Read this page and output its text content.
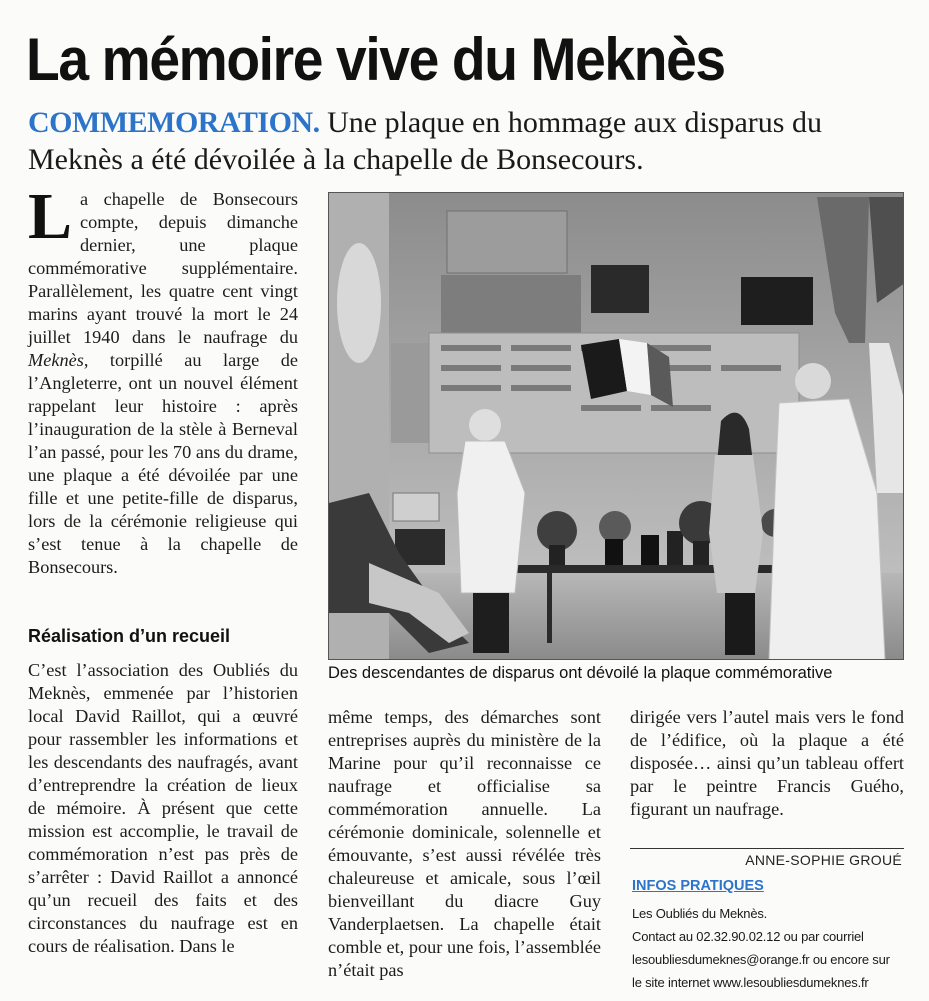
La mémoire vive du Meknès
COMMEMORATION. Une plaque en hommage aux disparus du Meknès a été dévoilée à la chapelle de Bonsecours.

La chapelle de Bonsecours compte, depuis dimanche dernier, une plaque commémorative supplémentaire. Parallèlement, les quatre cent vingt marins ayant trouvé la mort le 24 juillet 1940 dans le naufrage du Meknès, torpillé au large de l’Angleterre, ont un nouvel élément rappelant leur histoire : après l’inauguration de la stèle à Berneval l’an passé, pour les 70 ans du drame, une plaque a été dévoilée par une fille et une petite-fille de disparus, lors de la cérémonie religieuse qui s’est tenue à la chapelle de Bonsecours.

Réalisation d’un recueil

C’est l’association des Oubliés du Meknès, emmenée par l’historien local David Raillot, qui a œuvré pour rassembler les informations et les descendants des naufragés, avant d’entreprendre la création de lieux de mémoire. À présent que cette mission est accomplie, le travail de commémoration n’est pas près de s’arrêter : David Raillot a annoncé qu’un recueil des faits et des circonstances du naufrage est en cours de réalisation. Dans le

Des descendantes de disparus ont dévoilé la plaque commémorative

même temps, des démarches sont entreprises auprès du ministère de la Marine pour qu’il reconnaisse ce naufrage et officialise sa commémoration annuelle. La cérémonie dominicale, solennelle et émouvante, s’est aussi révélée très chaleureuse et amicale, sous l’œil bienveillant du diacre Guy Vanderplaetsen. La chapelle était comble et, pour une fois, l’assemblée n’était pas

dirigée vers l’autel mais vers le fond de l’édifice, où la plaque a été disposée… ainsi qu’un tableau offert par le peintre Francis Guého, figurant un naufrage.

ANNE-SOPHIE GROUÉ
INFOS PRATIQUES
Les Oubliés du Meknès.
Contact au 02.32.90.02.12 ou par courriel
lesoubliesdumeknes@orange.fr ou encore sur
le site internet www.lesoubliesdumeknes.fr
